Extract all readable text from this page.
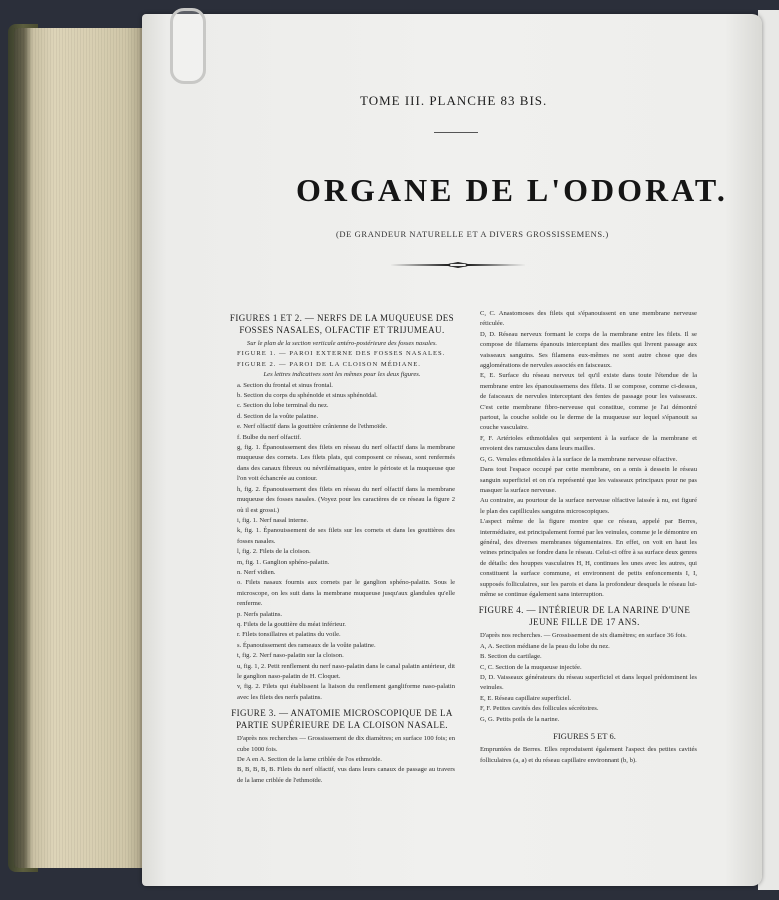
TOME III. PLANCHE 83 BIS.
ORGANE DE L'ODORAT.
(DE GRANDEUR NATURELLE ET A DIVERS GROSSISSEMENS.)

FIGURES 1 ET 2. — NERFS DE LA MUQUEUSE DES FOSSES NASALES, OLFACTIF ET TRIJUMEAU.

Sur le plan de la section verticale antéro-postérieure des fosses nasales.

FIGURE 1. — PAROI EXTERNE DES FOSSES NASALES.

FIGURE 2. — PAROI DE LA CLOISON MÉDIANE.

Les lettres indicatives sont les mêmes pour les deux figures.

a. Section du frontal et sinus frontal.

b. Section du corps du sphénoïde et sinus sphénoïdal.

c. Section du lobe terminal du nez.

d. Section de la voûte palatine.

e. Nerf olfactif dans la gouttière crânienne de l'ethmoïde.

f. Bulbe du nerf olfactif.

g, fig. 1. Épanouissement des filets en réseau du nerf olfactif dans la membrane muqueuse des cornets. Les filets plats, qui composent ce réseau, sont renfermés dans des canaux fibreux ou névrilématiques, entre le périoste et la muqueuse que l'on voit échancrée au contour.

h, fig. 2. Épanouissement des filets en réseau du nerf olfactif dans la membrane muqueuse des fosses nasales. (Voyez pour les caractères de ce réseau la figure 2 où il est grossi.)

i, fig. 1. Nerf nasal interne.

k, fig. 1. Épanouissement de ses filets sur les cornets et dans les gouttières des fosses nasales.

l, fig. 2. Filets de la cloison.

m, fig. 1. Ganglion sphéno-palatin.

n. Nerf vidien.

o. Filets nasaux fournis aux cornets par le ganglion sphéno-palatin. Sous le microscope, on les suit dans la membrane muqueuse jusqu'aux glandules qu'elle renferme.

p. Nerfs palatins.

q. Filets de la gouttière du méat inférieur.

r. Filets tonsillaires et palatins du voile.

s. Épanouissement des rameaux de la voûte palatine.

t, fig. 2. Nerf naso-palatin sur la cloison.

u, fig. 1, 2. Petit renflement du nerf naso-palatin dans le canal palatin antérieur, dit le ganglion naso-palatin de H. Cloquet.

v, fig. 2. Filets qui établissent la liaison du renflement gangliforme naso-palatin avec les filets des nerfs palatins.

FIGURE 3. — ANATOMIE MICROSCOPIQUE DE LA PARTIE SUPÉRIEURE DE LA CLOISON NASALE.

D'après nos recherches — Grossissement de dix diamètres; en surface 100 fois; en cube 1000 fois.

De A en A. Section de la lame criblée de l'os ethmoïde.

B, B, B, B, B. Filets du nerf olfactif, vus dans leurs canaux de passage au travers de la lame criblée de l'ethmoïde.

C, C. Anastomoses des filets qui s'épanouissent en une membrane nerveuse réticulée.

D, D. Réseau nerveux formant le corps de la membrane entre les filets. Il se compose de filamens épanouis interceptant des mailles qui livrent passage aux vaisseaux sanguins. Ses filamens eux-mêmes ne sont autre chose que des agglomérations de nervules associés en faisceaux.

E, E. Surface du réseau nerveux tel qu'il existe dans toute l'étendue de la membrane entre les épanouissemens des filets. Il se compose, comme ci-dessus, de faisceaux de nervules interceptant des fentes de passage pour les vaisseaux. C'est cette membrane fibro-nerveuse qui constitue, comme je l'ai démontré partout, la couche solide ou le derme de la muqueuse sur lequel s'épanouit sa couche vasculaire.

F, F. Artérioles ethmoïdales qui serpentent à la surface de la membrane et envoient des ramuscules dans leurs mailles.

G, G. Venules ethmoïdales à la surface de la membrane nerveuse olfactive.

Dans tout l'espace occupé par cette membrane, on a omis à dessein le réseau sanguin superficiel et on n'a représenté que les vaisseaux principaux pour ne pas masquer la surface nerveuse.

Au contraire, au pourtour de la surface nerveuse olfactive laissée à nu, est figuré le plan des capillicules sanguins microscopiques.

L'aspect même de la figure montre que ce réseau, appelé par Berres, intermédiaire, est principalement formé par les veinules, comme je le démontre en général, des diverses membranes tégumentaires. En effet, on voit en haut les veines principales se fondre dans le réseau. Celui-ci offre à sa surface deux genres de détails: des houppes vasculaires H, H, continues les unes avec les autres, qui constituent la surface commune, et environnent de petits enfoncements I, I, supposés folliculaires, sur les parois et dans la profondeur desquels le réseau lui-même se continue également sans interruption.

FIGURE 4. — INTÉRIEUR DE LA NARINE D'UNE JEUNE FILLE DE 17 ANS.

D'après nos recherches. — Grossissement de six diamètres; en surface 36 fois.

A, A. Section médiane de la peau du lobe du nez.

B. Section du cartilage.

C, C. Section de la muqueuse injectée.

D, D. Vaisseaux générateurs du réseau superficiel et dans lequel prédominent les veinules.

E, E. Réseau capillaire superficiel.

F, F. Petites cavités des follicules sécrétoires.

G, G. Petits poils de la narine.

FIGURES 5 ET 6.

Empruntées de Berres. Elles reproduisent également l'aspect des petites cavités folliculaires (a, a) et du réseau capillaire environnant (b, b).
